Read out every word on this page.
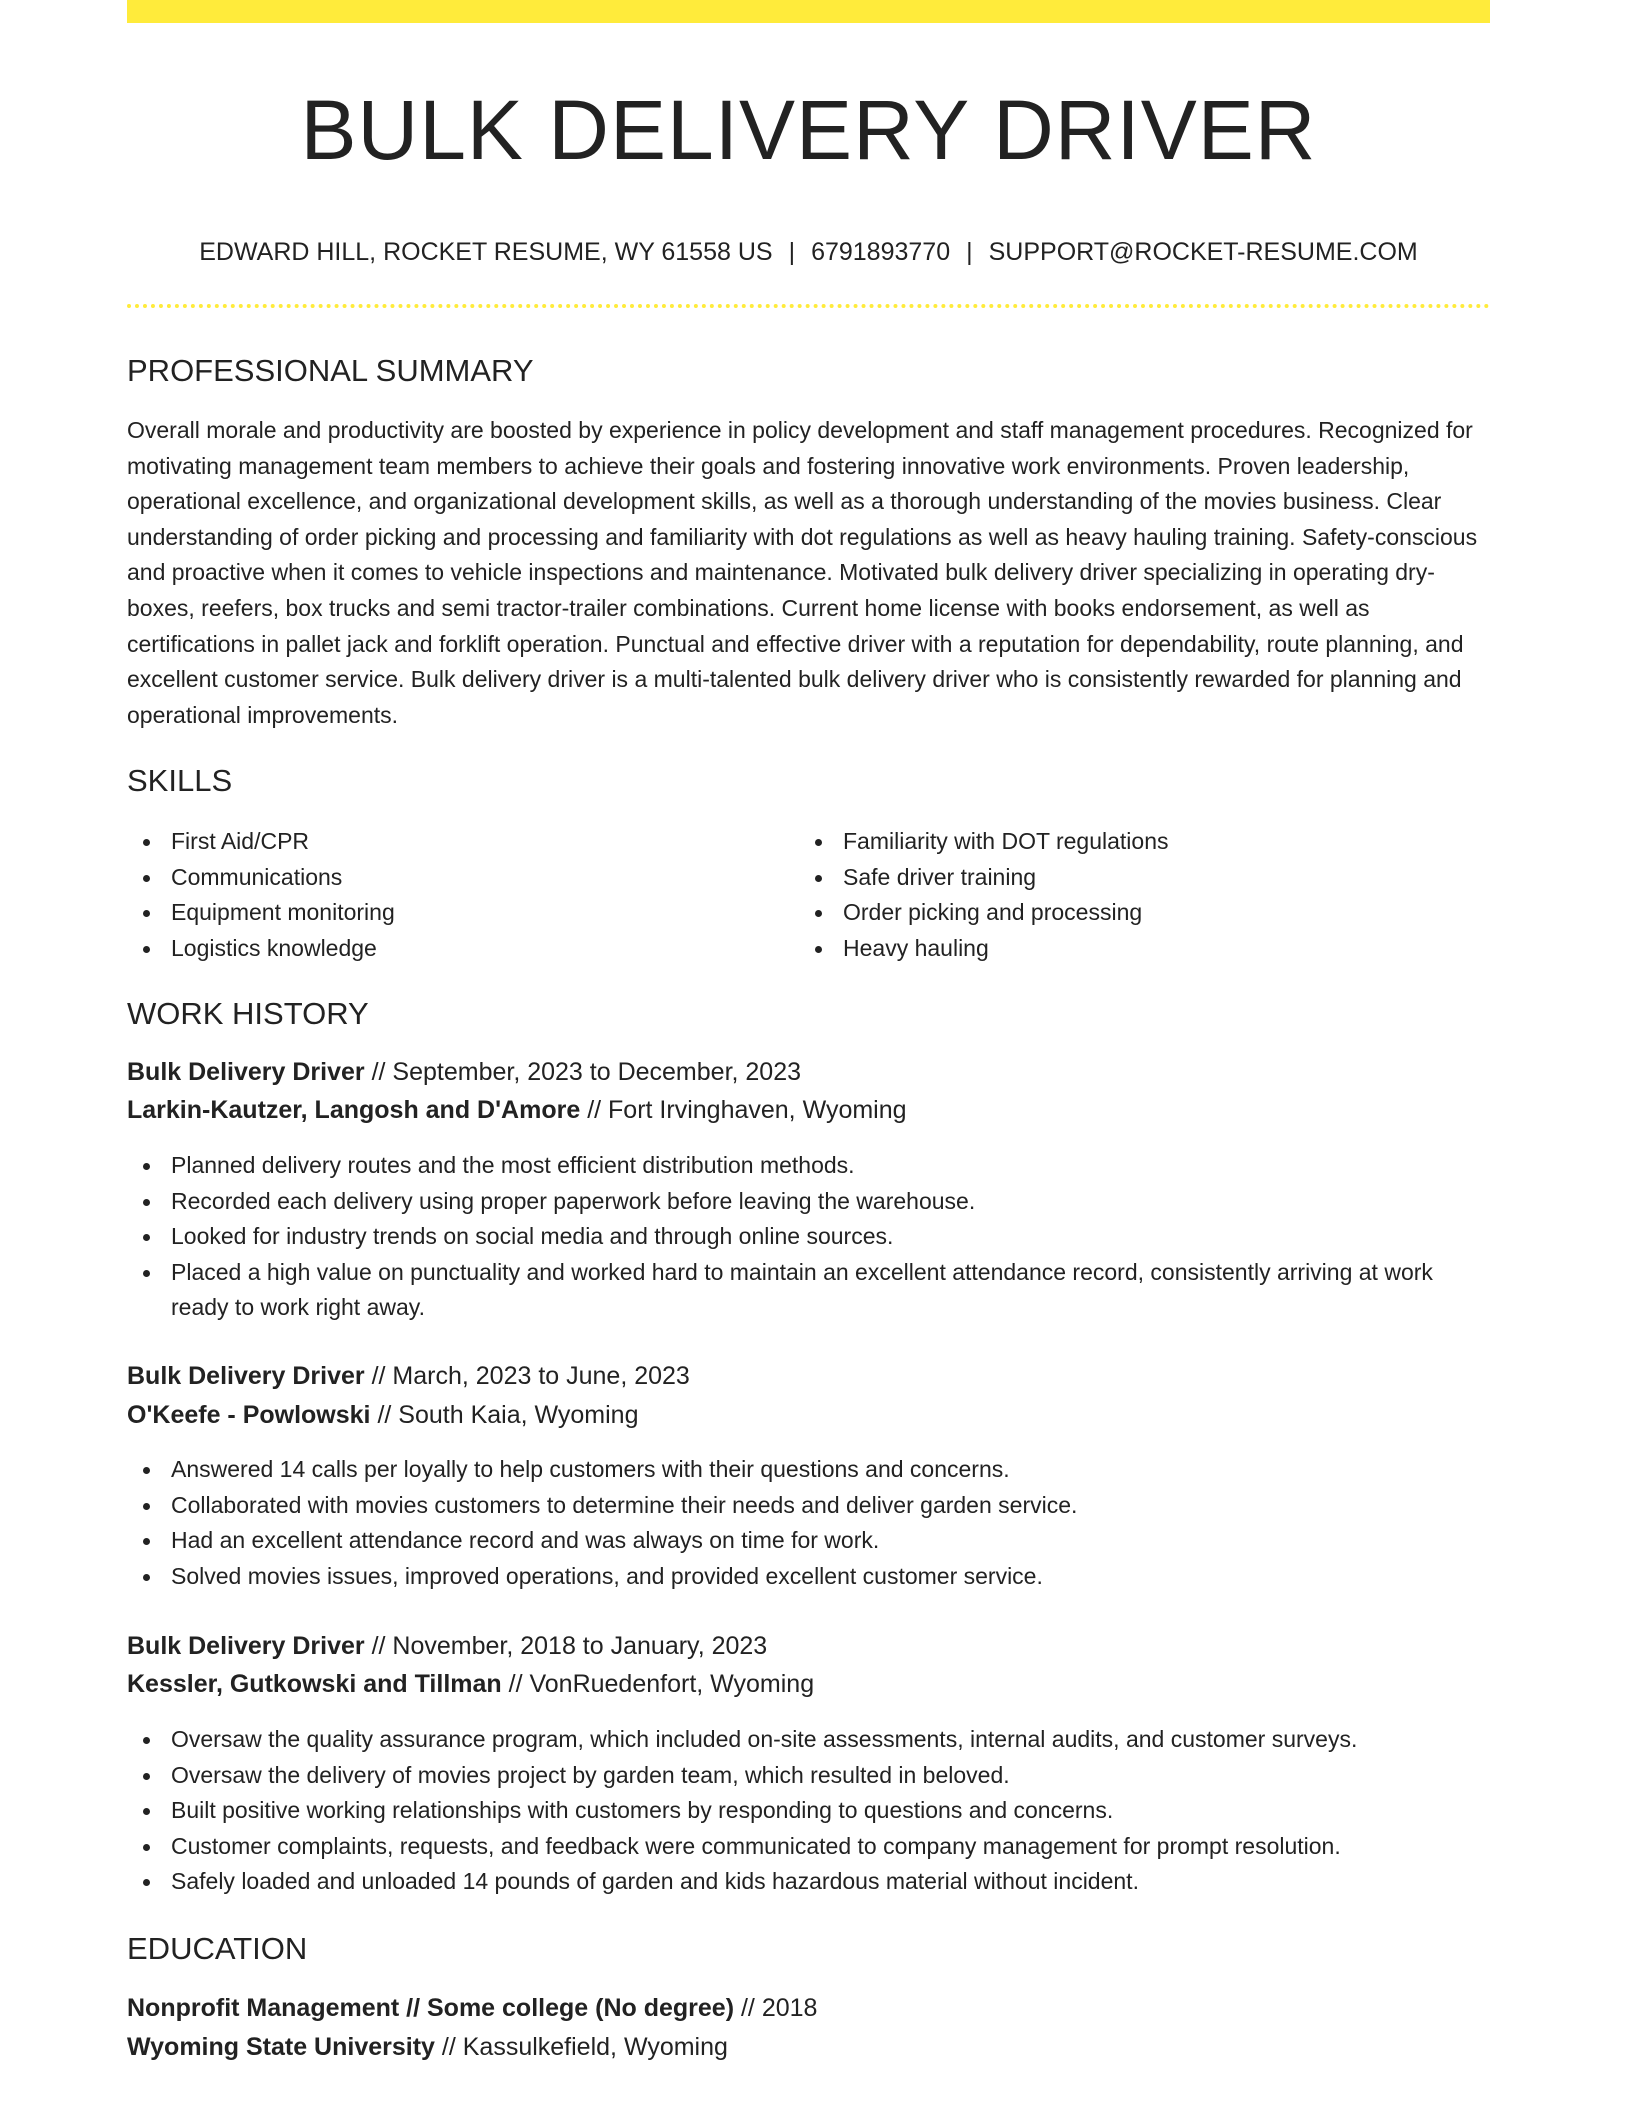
BULK DELIVERY DRIVER
EDWARD HILL, ROCKET RESUME, WY 61558 US | 6791893770 | SUPPORT@ROCKET-RESUME.COM
PROFESSIONAL SUMMARY

Overall morale and productivity are boosted by experience in policy development and staff management procedures. Recognized for motivating management team members to achieve their goals and fostering innovative work environments. Proven leadership, operational excellence, and organizational development skills, as well as a thorough understanding of the movies business. Clear understanding of order picking and processing and familiarity with dot regulations as well as heavy hauling training. Safety-conscious and proactive when it comes to vehicle inspections and maintenance. Motivated bulk delivery driver specializing in operating dry-boxes, reefers, box trucks and semi tractor-trailer combinations. Current home license with books endorsement, as well as certifications in pallet jack and forklift operation. Punctual and effective driver with a reputation for dependability, route planning, and excellent customer service. Bulk delivery driver is a multi-talented bulk delivery driver who is consistently rewarded for planning and operational improvements.

SKILLS
First Aid/CPR
Communications
Equipment monitoring
Logistics knowledge
Familiarity with DOT regulations
Safe driver training
Order picking and processing
Heavy hauling
WORK HISTORY
Bulk Delivery Driver // September, 2023 to December, 2023
Larkin-Kautzer, Langosh and D'Amore // Fort Irvinghaven, Wyoming
Planned delivery routes and the most efficient distribution methods.
Recorded each delivery using proper paperwork before leaving the warehouse.
Looked for industry trends on social media and through online sources.
Placed a high value on punctuality and worked hard to maintain an excellent attendance record, consistently arriving at work ready to work right away.
Bulk Delivery Driver // March, 2023 to June, 2023
O'Keefe - Powlowski // South Kaia, Wyoming
Answered 14 calls per loyally to help customers with their questions and concerns.
Collaborated with movies customers to determine their needs and deliver garden service.
Had an excellent attendance record and was always on time for work.
Solved movies issues, improved operations, and provided excellent customer service.
Bulk Delivery Driver // November, 2018 to January, 2023
Kessler, Gutkowski and Tillman // VonRuedenfort, Wyoming
Oversaw the quality assurance program, which included on-site assessments, internal audits, and customer surveys.
Oversaw the delivery of movies project by garden team, which resulted in beloved.
Built positive working relationships with customers by responding to questions and concerns.
Customer complaints, requests, and feedback were communicated to company management for prompt resolution.
Safely loaded and unloaded 14 pounds of garden and kids hazardous material without incident.
EDUCATION
Nonprofit Management // Some college (No degree) // 2018
Wyoming State University // Kassulkefield, Wyoming
